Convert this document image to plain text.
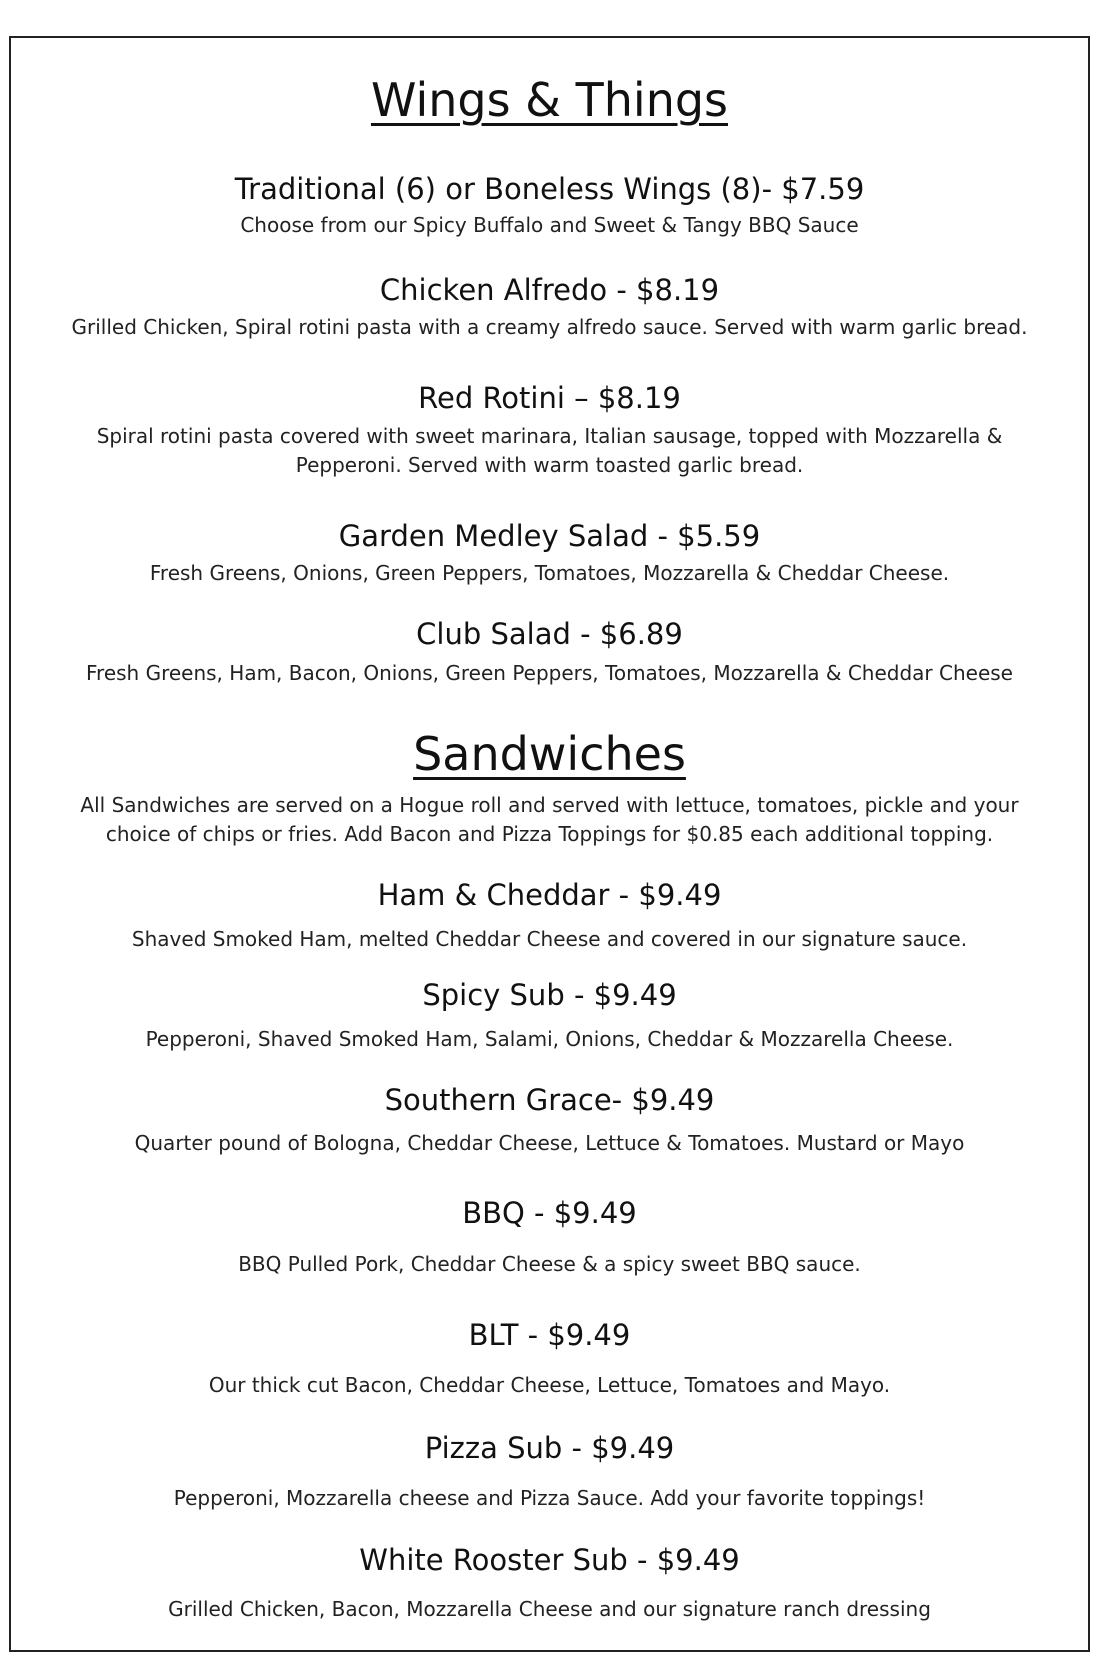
Wings & Things
Traditional (6) or Boneless Wings (8)- $7.59
Choose from our Spicy Buffalo and Sweet & Tangy BBQ Sauce
Chicken Alfredo - $8.19
Grilled Chicken, Spiral rotini pasta with a creamy alfredo sauce. Served with warm garlic bread.
Red Rotini – $8.19
Spiral rotini pasta covered with sweet marinara, Italian sausage, topped with Mozzarella &
Pepperoni. Served with warm toasted garlic bread.
Garden Medley Salad - $5.59
Fresh Greens, Onions, Green Peppers, Tomatoes, Mozzarella & Cheddar Cheese.
Club Salad - $6.89
Fresh Greens, Ham, Bacon, Onions, Green Peppers, Tomatoes, Mozzarella & Cheddar Cheese
Sandwiches
All Sandwiches are served on a Hogue roll and served with lettuce, tomatoes, pickle and your
choice of chips or fries. Add Bacon and Pizza Toppings for $0.85 each additional topping.
Ham & Cheddar - $9.49
Shaved Smoked Ham, melted Cheddar Cheese and covered in our signature sauce.
Spicy Sub - $9.49
Pepperoni, Shaved Smoked Ham, Salami, Onions, Cheddar & Mozzarella Cheese.
Southern Grace- $9.49
Quarter pound of Bologna, Cheddar Cheese, Lettuce & Tomatoes. Mustard or Mayo
BBQ - $9.49
BBQ Pulled Pork, Cheddar Cheese & a spicy sweet BBQ sauce.
BLT - $9.49
Our thick cut Bacon, Cheddar Cheese, Lettuce, Tomatoes and Mayo.
Pizza Sub - $9.49
Pepperoni, Mozzarella cheese and Pizza Sauce. Add your favorite toppings!
White Rooster Sub - $9.49
Grilled Chicken, Bacon, Mozzarella Cheese and our signature ranch dressing
